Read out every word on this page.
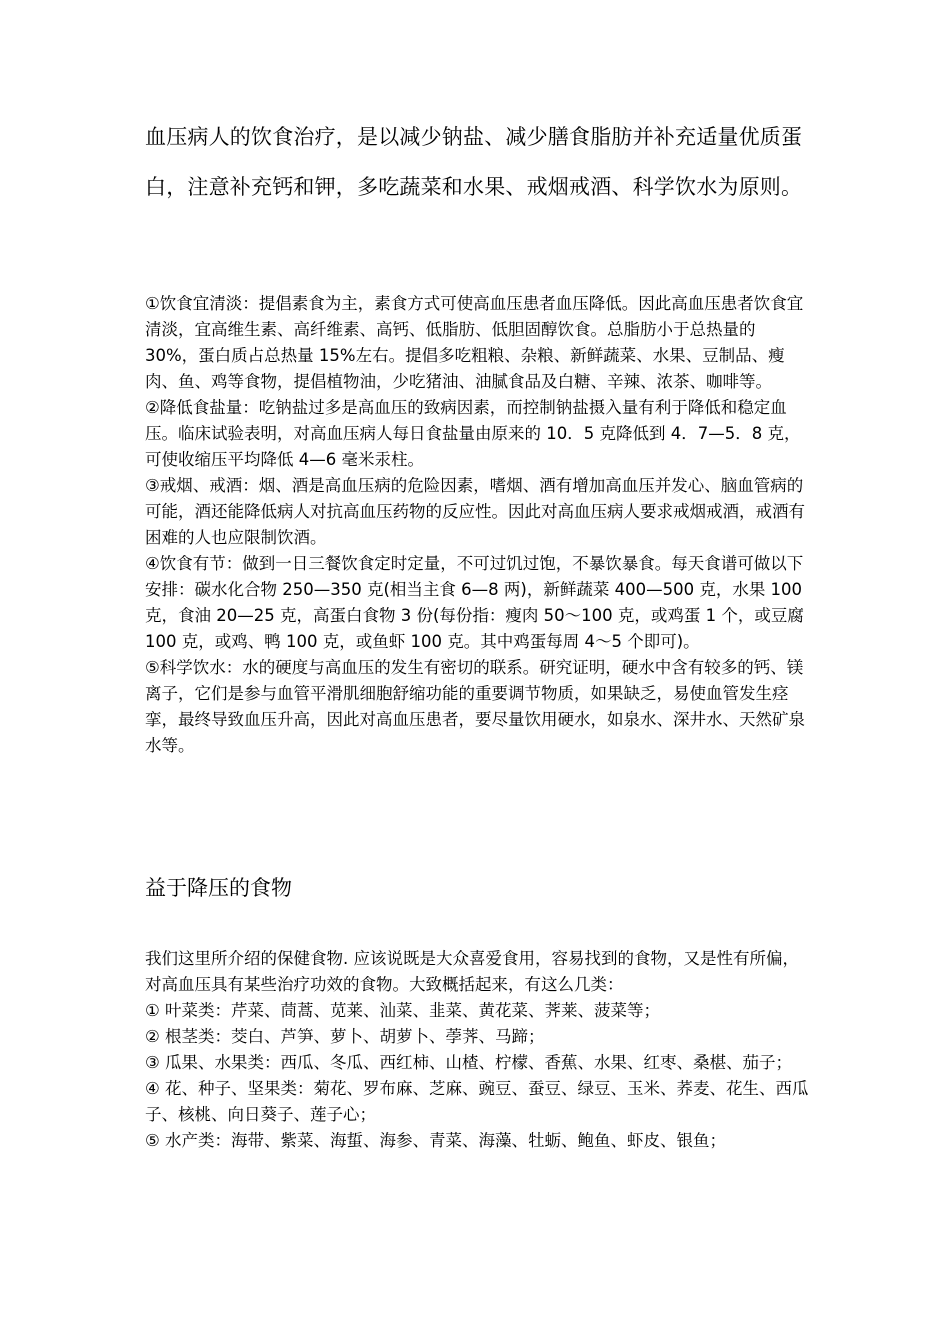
血压病人的饮食治疗，是以减少钠盐、减少膳食脂肪并补充适量优质蛋白，注意补充钙和钾，多吃蔬菜和水果、戒烟戒酒、科学饮水为原则。

①饮食宜清淡：提倡素食为主，素食方式可使高血压患者血压降低。因此高血压患者饮食宜清淡，宜高维生素、高纤维素、高钙、低脂肪、低胆固醇饮食。总脂肪小于总热量的 30%，蛋白质占总热量 15%左右。提倡多吃粗粮、杂粮、新鲜蔬菜、水果、豆制品、瘦肉、鱼、鸡等食物，提倡植物油，少吃猪油、油腻食品及白糖、辛辣、浓茶、咖啡等。
②降低食盐量：吃钠盐过多是高血压的致病因素，而控制钠盐摄入量有利于降低和稳定血压。临床试验表明，对高血压病人每日食盐量由原来的 10．5 克降低到 4．7—5．8 克，可使收缩压平均降低 4—6 毫米汞柱。
③戒烟、戒酒：烟、酒是高血压病的危险因素，嗜烟、酒有增加高血压并发心、脑血管病的可能，酒还能降低病人对抗高血压药物的反应性。因此对高血压病人要求戒烟戒酒，戒酒有困难的人也应限制饮酒。
④饮食有节：做到一日三餐饮食定时定量，不可过饥过饱，不暴饮暴食。每天食谱可做以下安排：碳水化合物 250—350 克(相当主食 6—8 两)，新鲜蔬菜 400—500 克，水果 100 克，食油 20—25 克，高蛋白食物 3 份(每份指：瘦肉 50～100 克，或鸡蛋 1 个，或豆腐 100 克，或鸡、鸭 100 克，或鱼虾 100 克。其中鸡蛋每周 4～5 个即可)。
⑤科学饮水：水的硬度与高血压的发生有密切的联系。研究证明，硬水中含有较多的钙、镁离子，它们是参与血管平滑肌细胞舒缩功能的重要调节物质，如果缺乏，易使血管发生痉挛，最终导致血压升高，因此对高血压患者，要尽量饮用硬水，如泉水、深井水、天然矿泉水等。
益于降压的食物

我们这里所介绍的保健食物. 应该说既是大众喜爱食用，容易找到的食物，又是性有所偏，对高血压具有某些治疗功效的食物。大致概括起来，有这么几类：

① 叶菜类：芹菜、茼蒿、苋莱、汕菜、韭菜、黄花菜、荠莱、菠菜等；
② 根茎类：茭白、芦笋、萝卜、胡萝卜、荸荠、马蹄；
③ 瓜果、水果类：西瓜、冬瓜、西红柿、山楂、柠檬、香蕉、水果、红枣、桑椹、茄子；
④ 花、种子、坚果类：菊花、罗布麻、芝麻、豌豆、蚕豆、绿豆、玉米、荞麦、花生、西瓜子、核桃、向日葵子、莲子心；
⑤ 水产类：海带、紫菜、海蜇、海参、青菜、海藻、牡蛎、鲍鱼、虾皮、银鱼；
